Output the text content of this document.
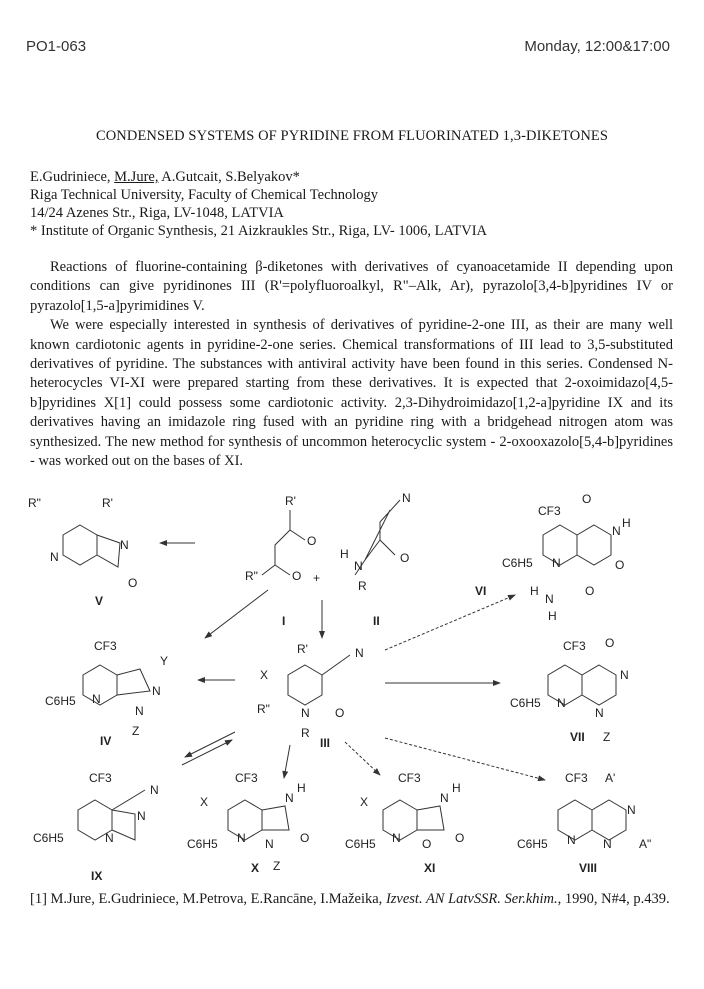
PO1-063	Monday, 12:00&17:00
CONDENSED SYSTEMS OF PYRIDINE FROM FLUORINATED 1,3-DIKETONES
E.Gudriniece, M.Jure, A.Gutcait, S.Belyakov*
Riga Technical University, Faculty of Chemical Technology
14/24 Azenes Str., Riga, LV-1048, LATVIA
* Institute of Organic Synthesis, 21 Aizkraukles Str., Riga, LV- 1006, LATVIA

Reactions of fluorine-containing β-diketones with derivatives of cyanoacetamide II depending upon conditions can give pyridinones III (R'=polyfluoroalkyl, R"–Alk, Ar), pyrazolo[3,4-b]pyridines IV or pyrazolo[1,5-a]pyrimidines V.

We were especially interested in synthesis of derivatives of pyridine-2-one III, as their are many well known cardiotonic agents in pyridine-2-one series. Chemical transformations of III lead to 3,5-substituted derivatives of pyridine. The substances with antiviral activity have been found in this series. Condensed N-heterocycles VI-XI were prepared starting from these derivatives. It is expected that 2-oxoimidazo[4,5-b]pyridines X[1] could possess some cardiotonic activity. 2,3-Dihydroimidazo[1,2-a]pyridine IX and its derivatives having an imidazole ring fused with an pyridine ring with a bridgehead nitrogen atom was synthesized. The new method for synthesis of uncommon heterocyclic system - 2-oxooxazolo[5,4-b]pyridines - was worked out on the bases of XI.

R"	R'
N
N
O
V
R'
O
R"	O
I
+
N
O
H
N
R
II
CF3
O
N
H
O
N
C6H5
H
N
O
H
VI
CF3
Y
N
N
N
C6H5
Z
IV
R'
X
N
R"	N O
R
III
CF3 O
N
N
N
C6H5
Z
VII
CF3
N
N
N
C6H5
IX
CF3
X	N
H
O
N
N
C6H5
Z
X
CF3
X	N
H
O
O
N
C6H5
XI
CF3 A'
N
N A"
N
C6H5
VIII
[1] M.Jure, E.Gudriniece, M.Petrova, E.Rancāne, I.Mažeika, Izvest. AN LatvSSR. Ser.khim., 1990, N#4, p.439.
